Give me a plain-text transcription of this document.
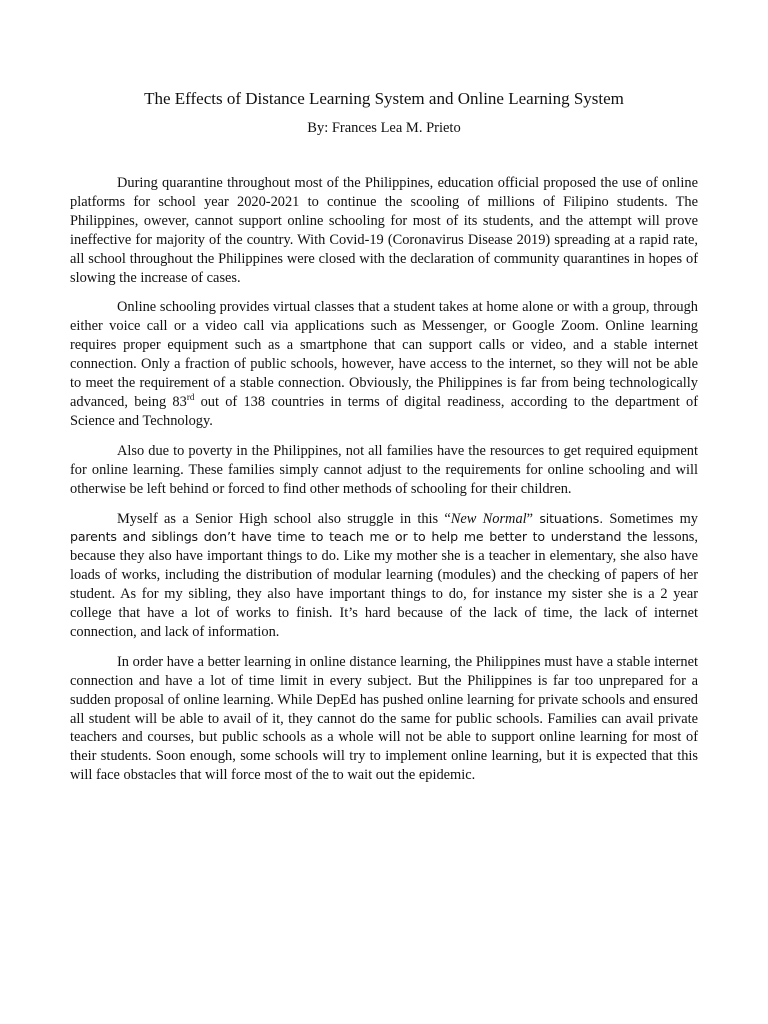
The Effects of Distance Learning System and Online Learning System
By: Frances Lea M. Prieto

During quarantine throughout most of the Philippines, education official proposed the use of online platforms for school year 2020-2021 to continue the scooling of millions of Filipino students. The Philippines, owever, cannot support online schooling for most of its students, and the attempt will prove ineffective for majority of the country. With Covid-19 (Coronavirus Disease 2019) spreading at a rapid rate, all school throughout the Philippines were closed with the declaration of community quarantines in hopes of slowing the increase of cases.

Online schooling provides virtual classes that a student takes at home alone or with a group, through either voice call or a video call via applications such as Messenger, or Google Zoom. Online learning requires proper equipment such as a smartphone that can support calls or video, and a stable internet connection. Only a fraction of public schools, however, have access to the internet, so they will not be able to meet the requirement of a stable connection. Obviously, the Philippines is far from being technologically advanced, being 83rd out of 138 countries in terms of digital readiness, according to the department of Science and Technology.

Also due to poverty in the Philippines, not all families have the resources to get required equipment for online learning. These families simply cannot adjust to the requirements for online schooling and will otherwise be left behind or forced to find other methods of schooling for their children.

Myself as a Senior High school also struggle in this “New Normal” situations. Sometimes my parents and siblings don’t have time to teach me or to help me better to understand the lessons, because they also have important things to do. Like my mother she is a teacher in elementary, she also have loads of works, including the distribution of modular learning (modules) and the checking of papers of her student. As for my sibling, they also have important things to do, for instance my sister she is a 2 year college that have a lot of works to finish. It’s hard because of the lack of time, the lack of internet connection, and lack of information.

In order have a better learning in online distance learning, the Philippines must have a stable internet connection and have a lot of time limit in every subject. But the Philippines is far too unprepared for a sudden proposal of online learning. While DepEd has pushed online learning for private schools and ensured all student will be able to avail of it, they cannot do the same for public schools. Families can avail private teachers and courses, but public schools as a whole will not be able to support online learning for most of their students. Soon enough, some schools will try to implement online learning, but it is expected that this will face obstacles that will force most of the to wait out the epidemic.
